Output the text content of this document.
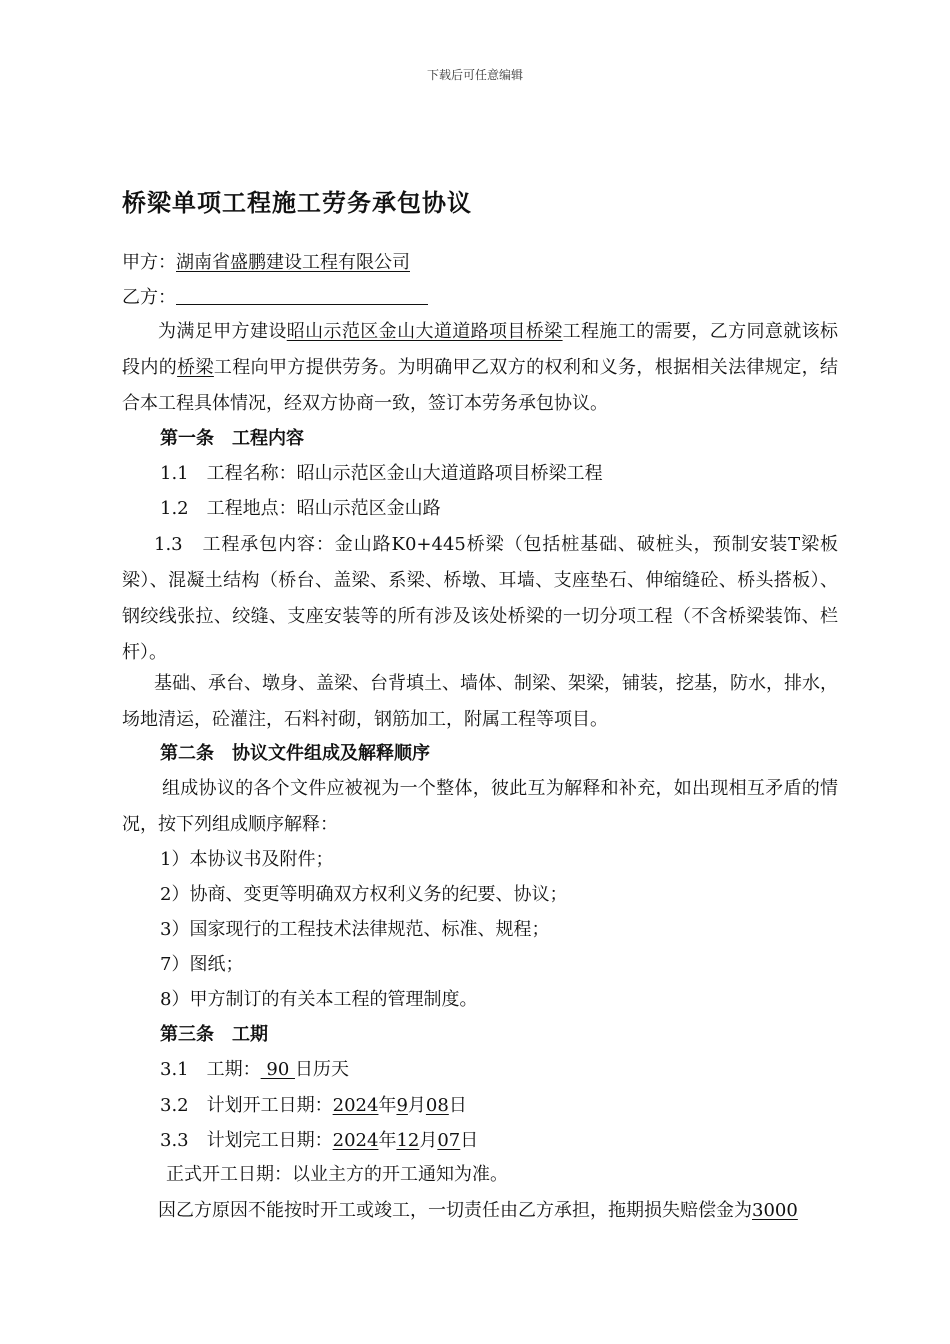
下载后可任意编辑
桥梁单项工程施工劳务承包协议
甲方：湖南省盛鹏建设工程有限公司
乙方：
为满足甲方建设昭山示范区金山大道道路项目桥梁工程施工的需要，乙方同意就该标段内的桥梁工程向甲方提供劳务。为明确甲乙双方的权利和义务，根据相关法律规定，结合本工程具体情况，经双方协商一致，签订本劳务承包协议。
第一条　工程内容
1.1　工程名称：昭山示范区金山大道道路项目桥梁工程
1.2　工程地点：昭山示范区金山路
1.3　工程承包内容：金山路K0+445桥梁（包括桩基础、破桩头，预制安装T梁板梁）、混凝土结构（桥台、盖梁、系梁、桥墩、耳墙、支座垫石、伸缩缝砼、桥头搭板）、钢绞线张拉、绞缝、支座安装等的所有涉及该处桥梁的一切分项工程（不含桥梁装饰、栏杆）。
基础、承台、墩身、盖梁、台背填土、墙体、制梁、架梁，铺装，挖基，防水，排水，场地清运，砼灌注，石料衬砌，钢筋加工，附属工程等项目。
第二条　协议文件组成及解释顺序
组成协议的各个文件应被视为一个整体，彼此互为解释和补充，如出现相互矛盾的情况，按下列组成顺序解释：
1）本协议书及附件；
2）协商、变更等明确双方权利义务的纪要、协议；
3）国家现行的工程技术法律规范、标准、规程；
7）图纸；
8）甲方制订的有关本工程的管理制度。
第三条　工期
3.1　工期： 90 日历天
3.2　计划开工日期：2024年9月08日
3.3　计划完工日期：2024年12月07日
正式开工日期：以业主方的开工通知为准。
因乙方原因不能按时开工或竣工，一切责任由乙方承担，拖期损失赔偿金为3000
